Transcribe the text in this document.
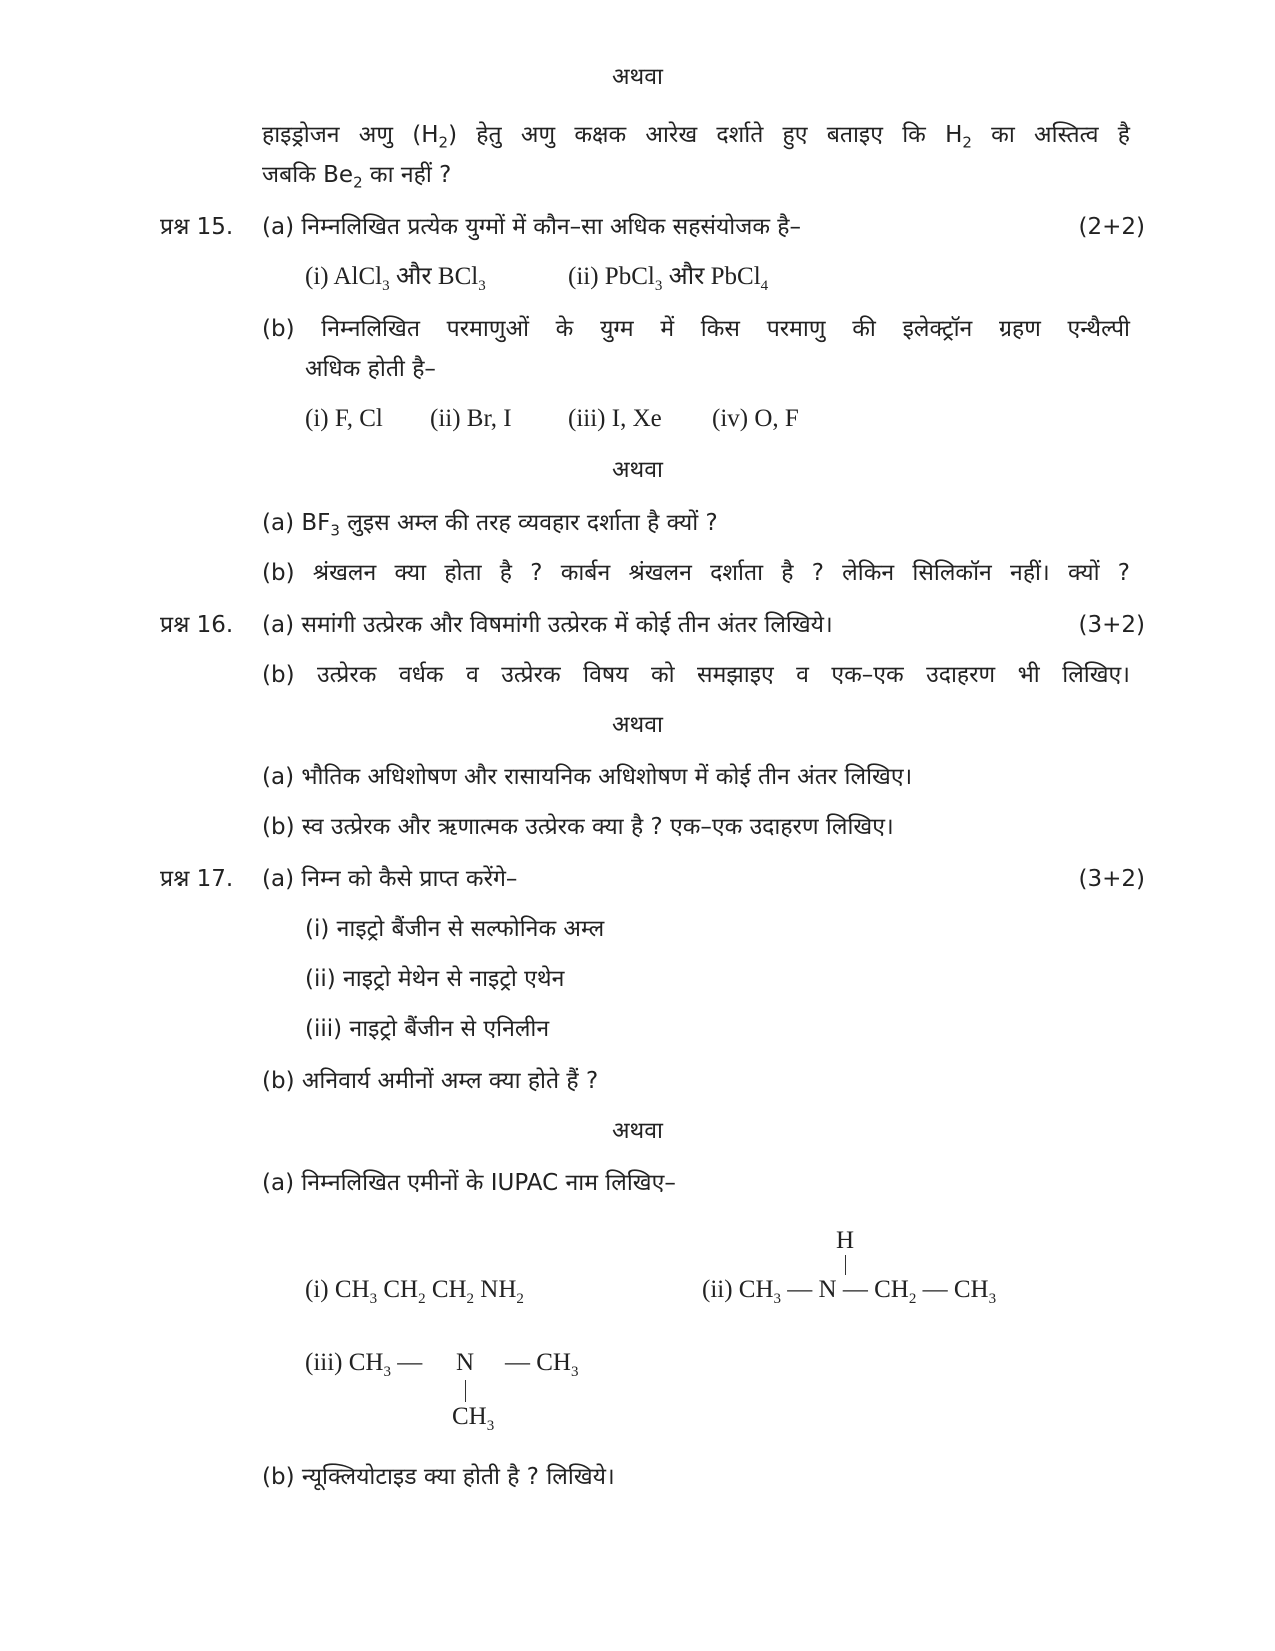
अथवा
हाइड्रोजन अणु $(H_2)$ हेतु अणु कक्षक आरेख दर्शाते हुए बताइए कि $H_2$ का अस्तित्व है
जबकि $Be_2$ का नहीं ?
प्रश्न 15. (a) निम्नलिखित प्रत्येक युग्मों में कौन–सा अधिक सहसंयोजक है–	(2+2)
(i) AlCl$_3$ और BCl$_3$	(ii) PbCl$_3$ और PbCl$_4$
(b) निम्नलिखित परमाणुओं के युग्म में किस परमाणु की इलेक्ट्रॉन ग्रहण एन्थैल्पी
अधिक होती है–
(i) F, Cl (ii) Br, I (iii) I, Xe (iv) O, F
अथवा
(a) $BF_3$ लुइस अम्ल की तरह व्यवहार दर्शाता है क्यों ?
(b) श्रंखलन क्या होता है ? कार्बन श्रंखलन दर्शाता है ? लेकिन सिलिकॉन नहीं। क्यों ?
प्रश्न 16. (a) समांगी उत्प्रेरक और विषमांगी उत्प्रेरक में कोई तीन अंतर लिखिये।	(3+2)
(b) उत्प्रेरक वर्धक व उत्प्रेरक विषय को समझाइए व एक–एक उदाहरण भी लिखिए।
अथवा
(a) भौतिक अधिशोषण और रासायनिक अधिशोषण में कोई तीन अंतर लिखिए।
(b) स्व उत्प्रेरक और ऋणात्मक उत्प्रेरक क्या है ? एक–एक उदाहरण लिखिए।
प्रश्न 17. (a) निम्न को कैसे प्राप्त करेंगे–	(3+2)
(i) नाइट्रो बैंजीन से सल्फोनिक अम्ल
(ii) नाइट्रो मेथेन से नाइट्रो एथेन
(iii) नाइट्रो बैंजीन से एनिलीन
(b) अनिवार्य अमीनों अम्ल क्या होते हैं ?
अथवा
(a) निम्नलिखित एमीनों के IUPAC नाम लिखिए–
(i) $CH_3$ $CH_2$ $CH_2$ $NH_2$
H
(ii) $CH_3$ — N — $CH_2$ — $CH_3$
(iii) $CH_3$ — N — $CH_3$
$CH_3$
(b) न्यूक्लियोटाइड क्या होती है ? लिखिये।
